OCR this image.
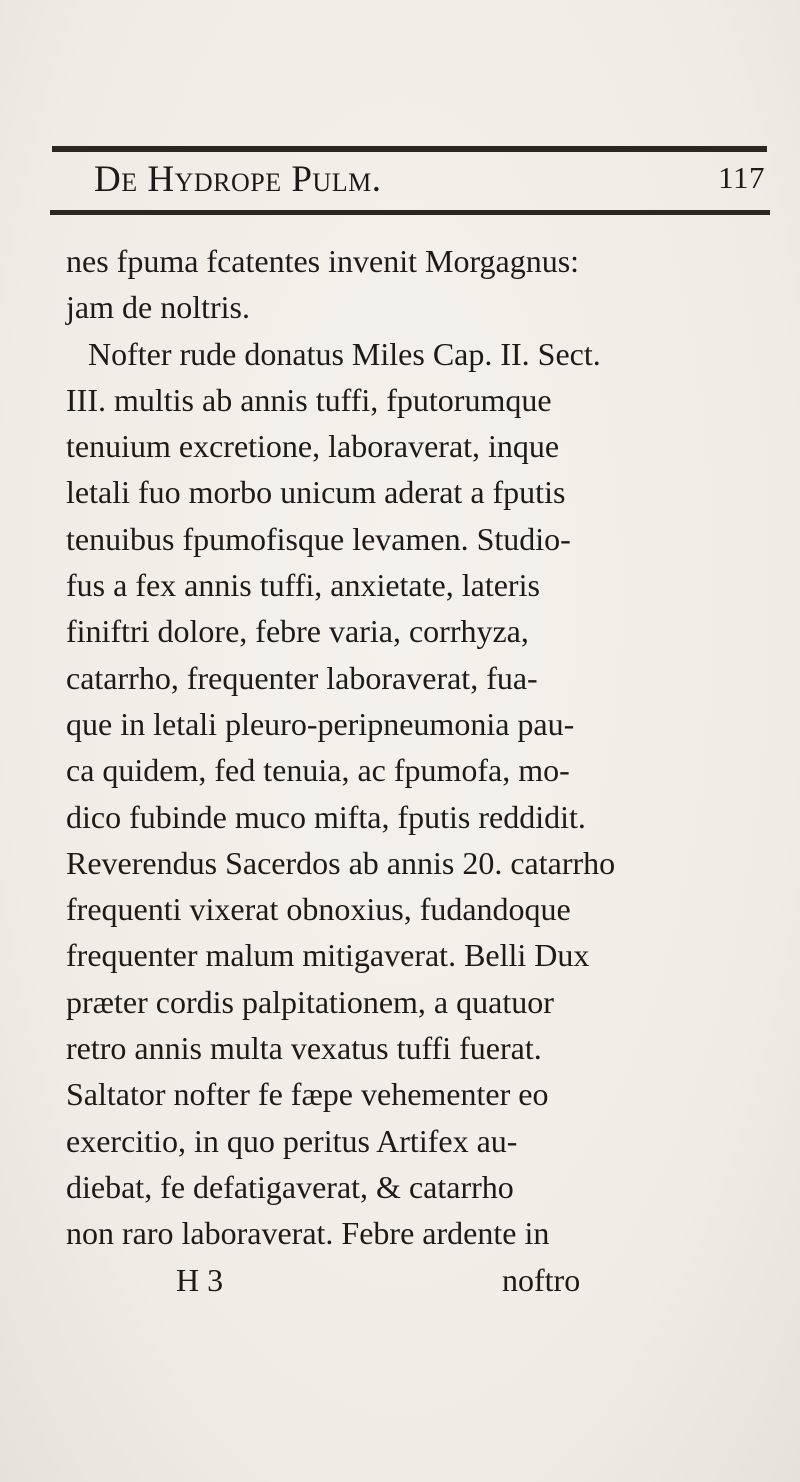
De Hydrope Pulm.	117
nes fpuma fcatentes invenit Morgagnus:
jam de noltris.
Nofter rude donatus Miles Cap. II. Sect.
III. multis ab annis tuffi, fputorumque
tenuium excretione, laboraverat, inque
letali fuo morbo unicum aderat a fputis
tenuibus fpumofisque levamen. Studio-
fus a fex annis tuffi, anxietate, lateris
finiftri dolore, febre varia, corrhyza,
catarrho, frequenter laboraverat, fua-
que in letali pleuro-peripneumonia pau-
ca quidem, fed tenuia, ac fpumofa, mo-
dico fubinde muco mifta, fputis reddidit.
Reverendus Sacerdos ab annis 20. catarrho
frequenti vixerat obnoxius, fudandoque
frequenter malum mitigaverat. Belli Dux
præter cordis palpitationem, a quatuor
retro annis multa vexatus tuffi fuerat.
Saltator nofter fe fæpe vehementer eo
exercitio, in quo peritus Artifex au-
diebat, fe defatigaverat, & catarrho
non raro laboraverat. Febre ardente in
H 3	noftro
